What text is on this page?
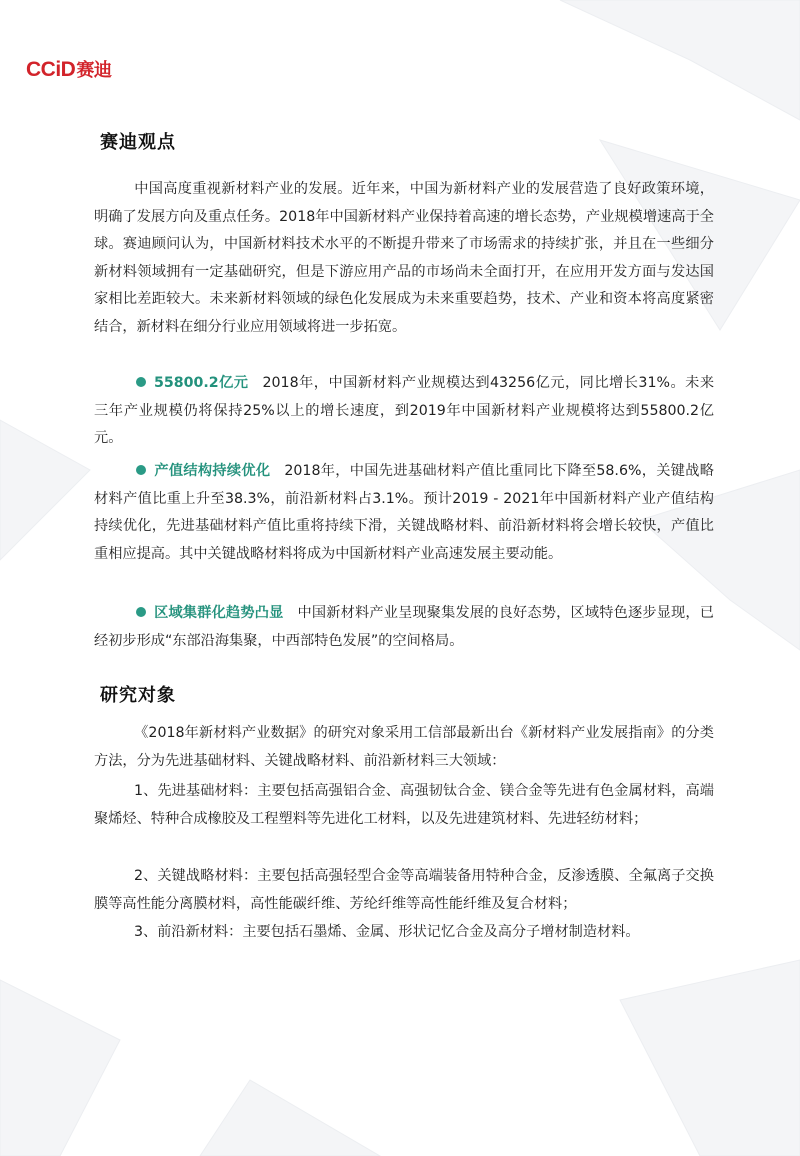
CCiD赛迪
赛迪观点
中国高度重视新材料产业的发展。近年来，中国为新材料产业的发展营造了良好政策环境，明确了发展方向及重点任务。2018年中国新材料产业保持着高速的增长态势，产业规模增速高于全球。赛迪顾问认为，中国新材料技术水平的不断提升带来了市场需求的持续扩张，并且在一些细分新材料领域拥有一定基础研究，但是下游应用产品的市场尚未全面打开，在应用开发方面与发达国家相比差距较大。未来新材料领域的绿色化发展成为未来重要趋势，技术、产业和资本将高度紧密结合，新材料在细分行业应用领域将进一步拓宽。
55800.2亿元 2018年，中国新材料产业规模达到43256亿元，同比增长31%。未来三年产业规模仍将保持25%以上的增长速度，到2019年中国新材料产业规模将达到55800.2亿元。
产值结构持续优化 2018年，中国先进基础材料产值比重同比下降至58.6%，关键战略材料产值比重上升至38.3%，前沿新材料占3.1%。预计2019 - 2021年中国新材料产业产值结构持续优化，先进基础材料产值比重将持续下滑，关键战略材料、前沿新材料将会增长较快，产值比重相应提高。其中关键战略材料将成为中国新材料产业高速发展主要动能。
区域集群化趋势凸显 中国新材料产业呈现聚集发展的良好态势，区域特色逐步显现，已经初步形成“东部沿海集聚，中西部特色发展”的空间格局。
研究对象
《2018年新材料产业数据》的研究对象采用工信部最新出台《新材料产业发展指南》的分类方法，分为先进基础材料、关键战略材料、前沿新材料三大领域：
1、先进基础材料：主要包括高强铝合金、高强韧钛合金、镁合金等先进有色金属材料，高端聚烯烃、特种合成橡胶及工程塑料等先进化工材料，以及先进建筑材料、先进轻纺材料；
2、关键战略材料：主要包括高强轻型合金等高端装备用特种合金，反渗透膜、全氟离子交换膜等高性能分离膜材料，高性能碳纤维、芳纶纤维等高性能纤维及复合材料；
3、前沿新材料：主要包括石墨烯、金属、形状记忆合金及高分子增材制造材料。
